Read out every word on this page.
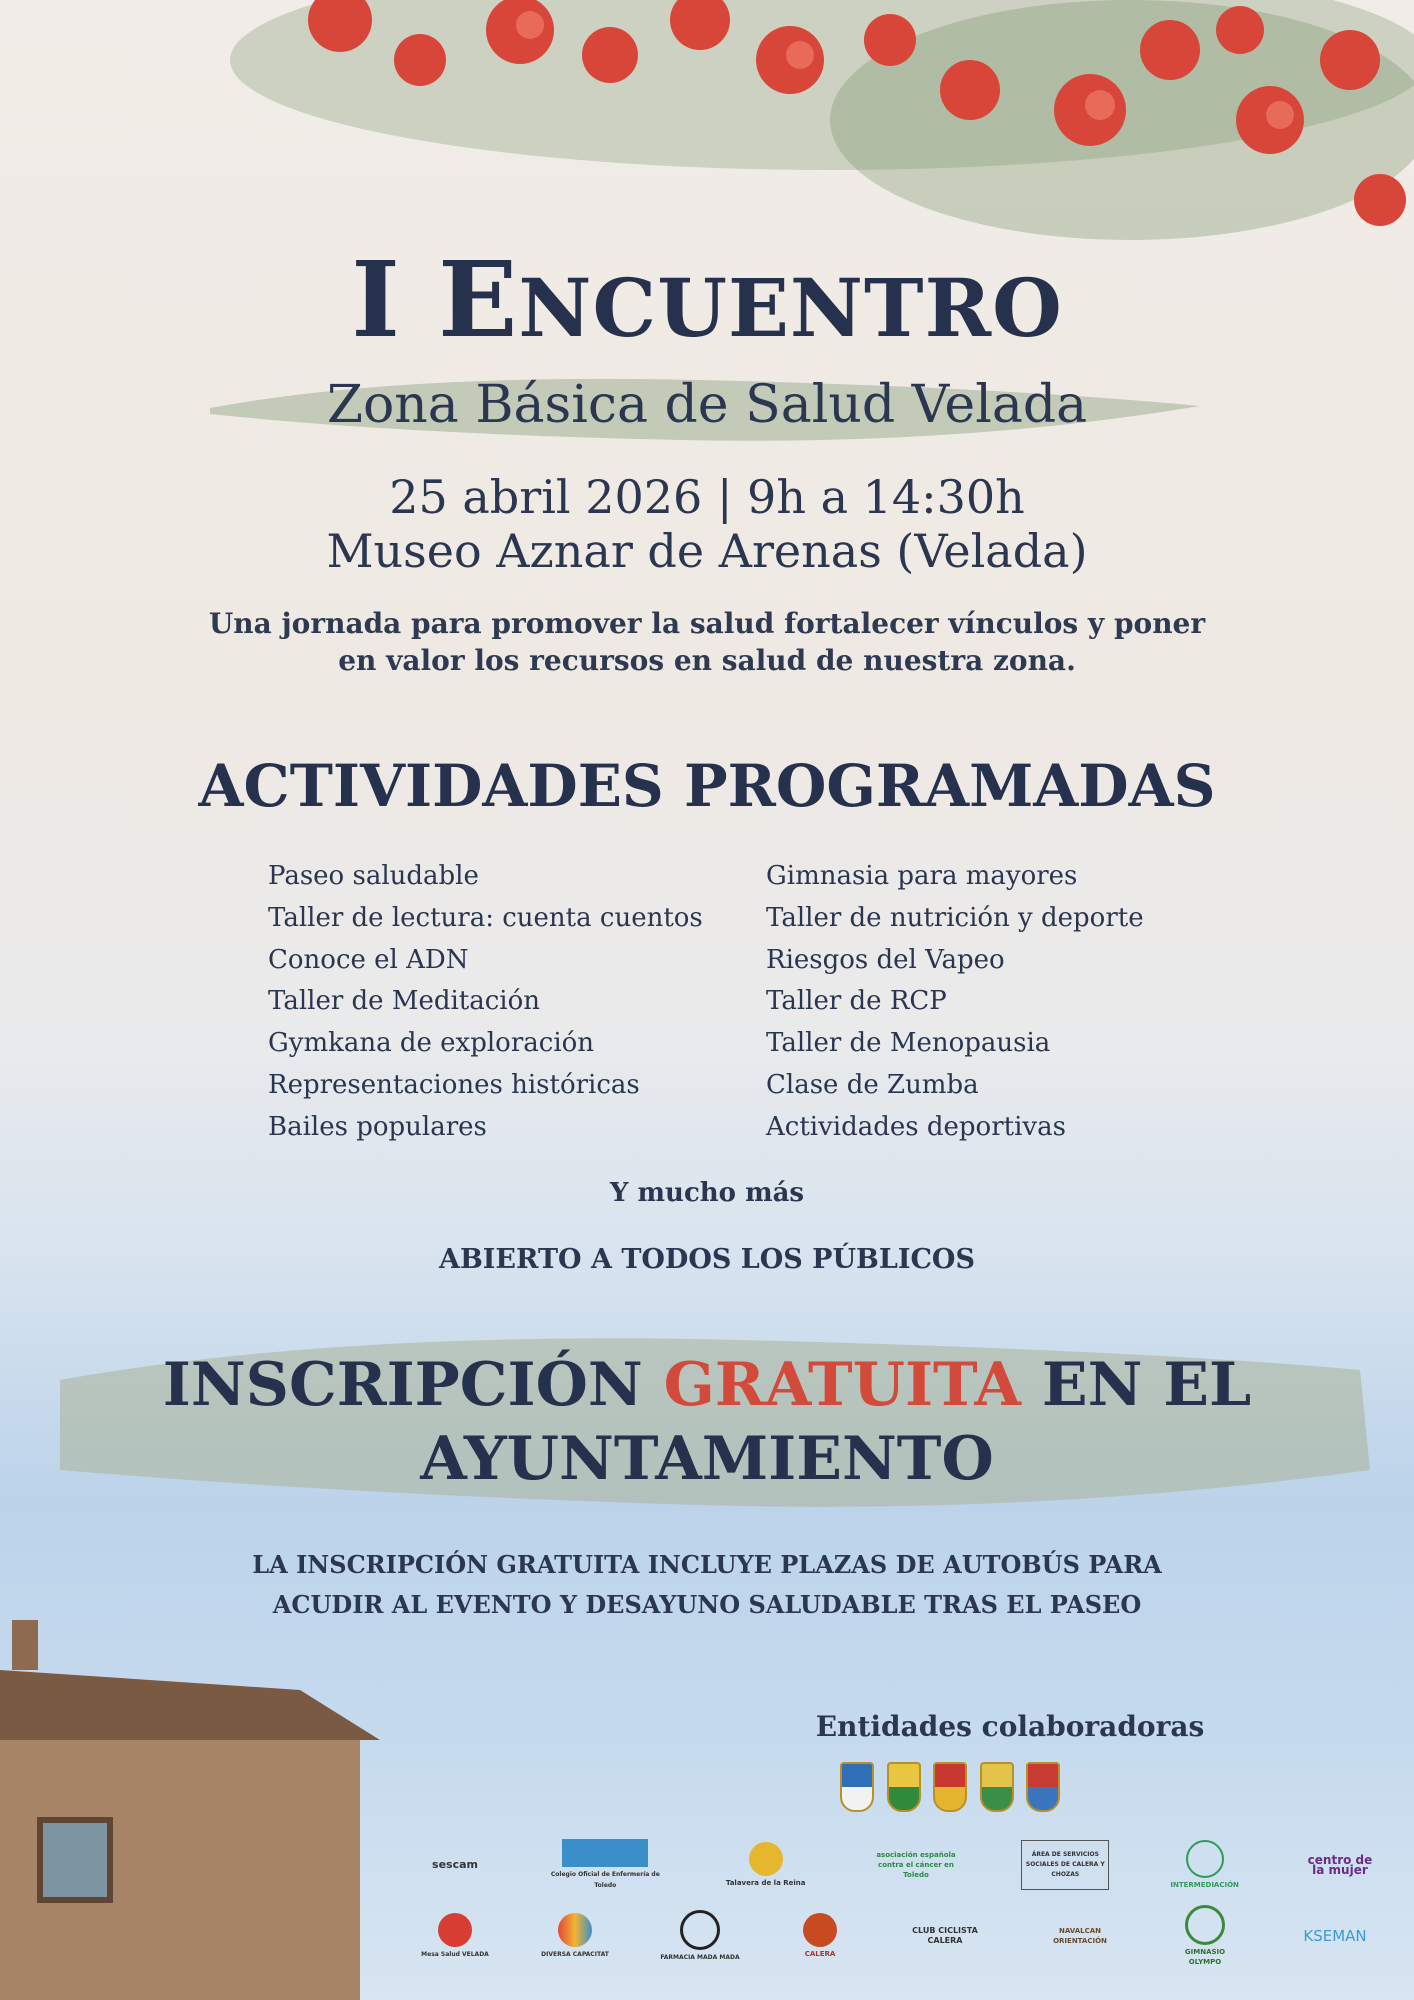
I ENCUENTRO
Zona Básica de Salud Velada
25 abril 2026 | 9h a 14:30h
Museo Aznar de Arenas (Velada)
Una jornada para promover la salud fortalecer vínculos y poner en valor los recursos en salud de nuestra zona.
ACTIVIDADES PROGRAMADAS
Paseo saludable
Taller de lectura: cuenta cuentos
Conoce el ADN
Taller de Meditación
Gymkana de exploración
Representaciones históricas
Bailes populares
Gimnasia para mayores
Taller de nutrición y deporte
Riesgos del Vapeo
Taller de RCP
Taller de Menopausia
Clase de Zumba
Actividades deportivas
Y mucho más
ABIERTO A TODOS LOS PÚBLICOS
INSCRIPCIÓN GRATUITA EN EL
AYUNTAMIENTO
LA INSCRIPCIÓN GRATUITA INCLUYE PLAZAS DE AUTOBÚS PARA
ACUDIR AL EVENTO Y DESAYUNO SALUDABLE TRAS EL PASEO
Entidades colaboradoras
sescam
Colegio Oficial de Enfermería de Toledo	Talavera de la Reina
asociación española contra el cáncer en Toledo
ÁREA DE SERVICIOS SOCIALES DE CALERA Y CHOZAS
INTERMEDIACIÓN
centro de la mujer
Mesa Salud VELADA	DIVERSA CAPACITAT	FARMACIA MADA MADA	CALERA
CLUB CICLISTA CALERA
NAVALCAN ORIENTACIÓN
GIMNASIO OLYMPO
KSEMAN
